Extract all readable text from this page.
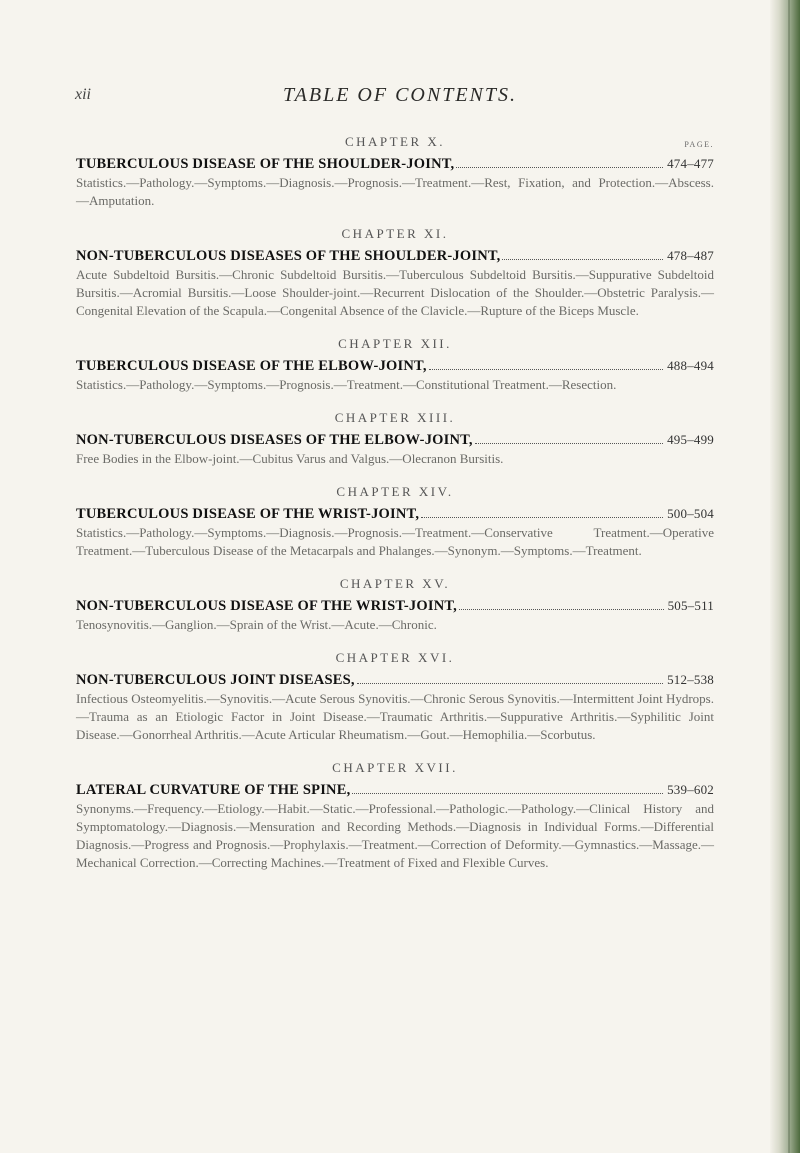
xii	TABLE OF CONTENTS.
CHAPTER X.	PAGE.
TUBERCULOUS DISEASE OF THE SHOULDER-JOINT,	474–477
Statistics.—Pathology.—Symptoms.—Diagnosis.—Prognosis.—Treatment.—Rest, Fixation, and Protection.—Abscess.—Amputation.
CHAPTER XI.
NON-TUBERCULOUS DISEASES OF THE SHOULDER-JOINT,	478–487
Acute Subdeltoid Bursitis.—Chronic Subdeltoid Bursitis.—Tuberculous Subdeltoid Bursitis.—Suppurative Subdeltoid Bursitis.—Acromial Bursitis.—Loose Shoulder-joint.—Recurrent Dislocation of the Shoulder.—Obstetric Paralysis.—Congenital Elevation of the Scapula.—Congenital Absence of the Clavicle.—Rupture of the Biceps Muscle.
CHAPTER XII.
TUBERCULOUS DISEASE OF THE ELBOW-JOINT,	488–494
Statistics.—Pathology.—Symptoms.—Prognosis.—Treatment.—Constitutional Treatment.—Resection.
CHAPTER XIII.
NON-TUBERCULOUS DISEASES OF THE ELBOW-JOINT,	495–499
Free Bodies in the Elbow-joint.—Cubitus Varus and Valgus.—Olecranon Bursitis.
CHAPTER XIV.
TUBERCULOUS DISEASE OF THE WRIST-JOINT,	500–504
Statistics.—Pathology.—Symptoms.—Diagnosis.—Prognosis.—Treatment.—Conservative Treatment.—Operative Treatment.—Tuberculous Disease of the Metacarpals and Phalanges.—Synonym.—Symptoms.—Treatment.
CHAPTER XV.
NON-TUBERCULOUS DISEASE OF THE WRIST-JOINT,	505–511
Tenosynovitis.—Ganglion.—Sprain of the Wrist.—Acute.—Chronic.
CHAPTER XVI.
NON-TUBERCULOUS JOINT DISEASES,	512–538
Infectious Osteomyelitis.—Synovitis.—Acute Serous Synovitis.—Chronic Serous Synovitis.—Intermittent Joint Hydrops.—Trauma as an Etiologic Factor in Joint Disease.—Traumatic Arthritis.—Suppurative Arthritis.—Syphilitic Joint Disease.—Gonorrheal Arthritis.—Acute Articular Rheumatism.—Gout.—Hemophilia.—Scorbutus.
CHAPTER XVII.
LATERAL CURVATURE OF THE SPINE,	539–602
Synonyms.—Frequency.—Etiology.—Habit.—Static.—Professional.—Pathologic.—Pathology.—Clinical History and Symptomatology.—Diagnosis.—Mensuration and Recording Methods.—Diagnosis in Individual Forms.—Differential Diagnosis.—Progress and Prognosis.—Prophylaxis.—Treatment.—Correction of Deformity.—Gymnastics.—Massage.—Mechanical Correction.—Correcting Machines.—Treatment of Fixed and Flexible Curves.
